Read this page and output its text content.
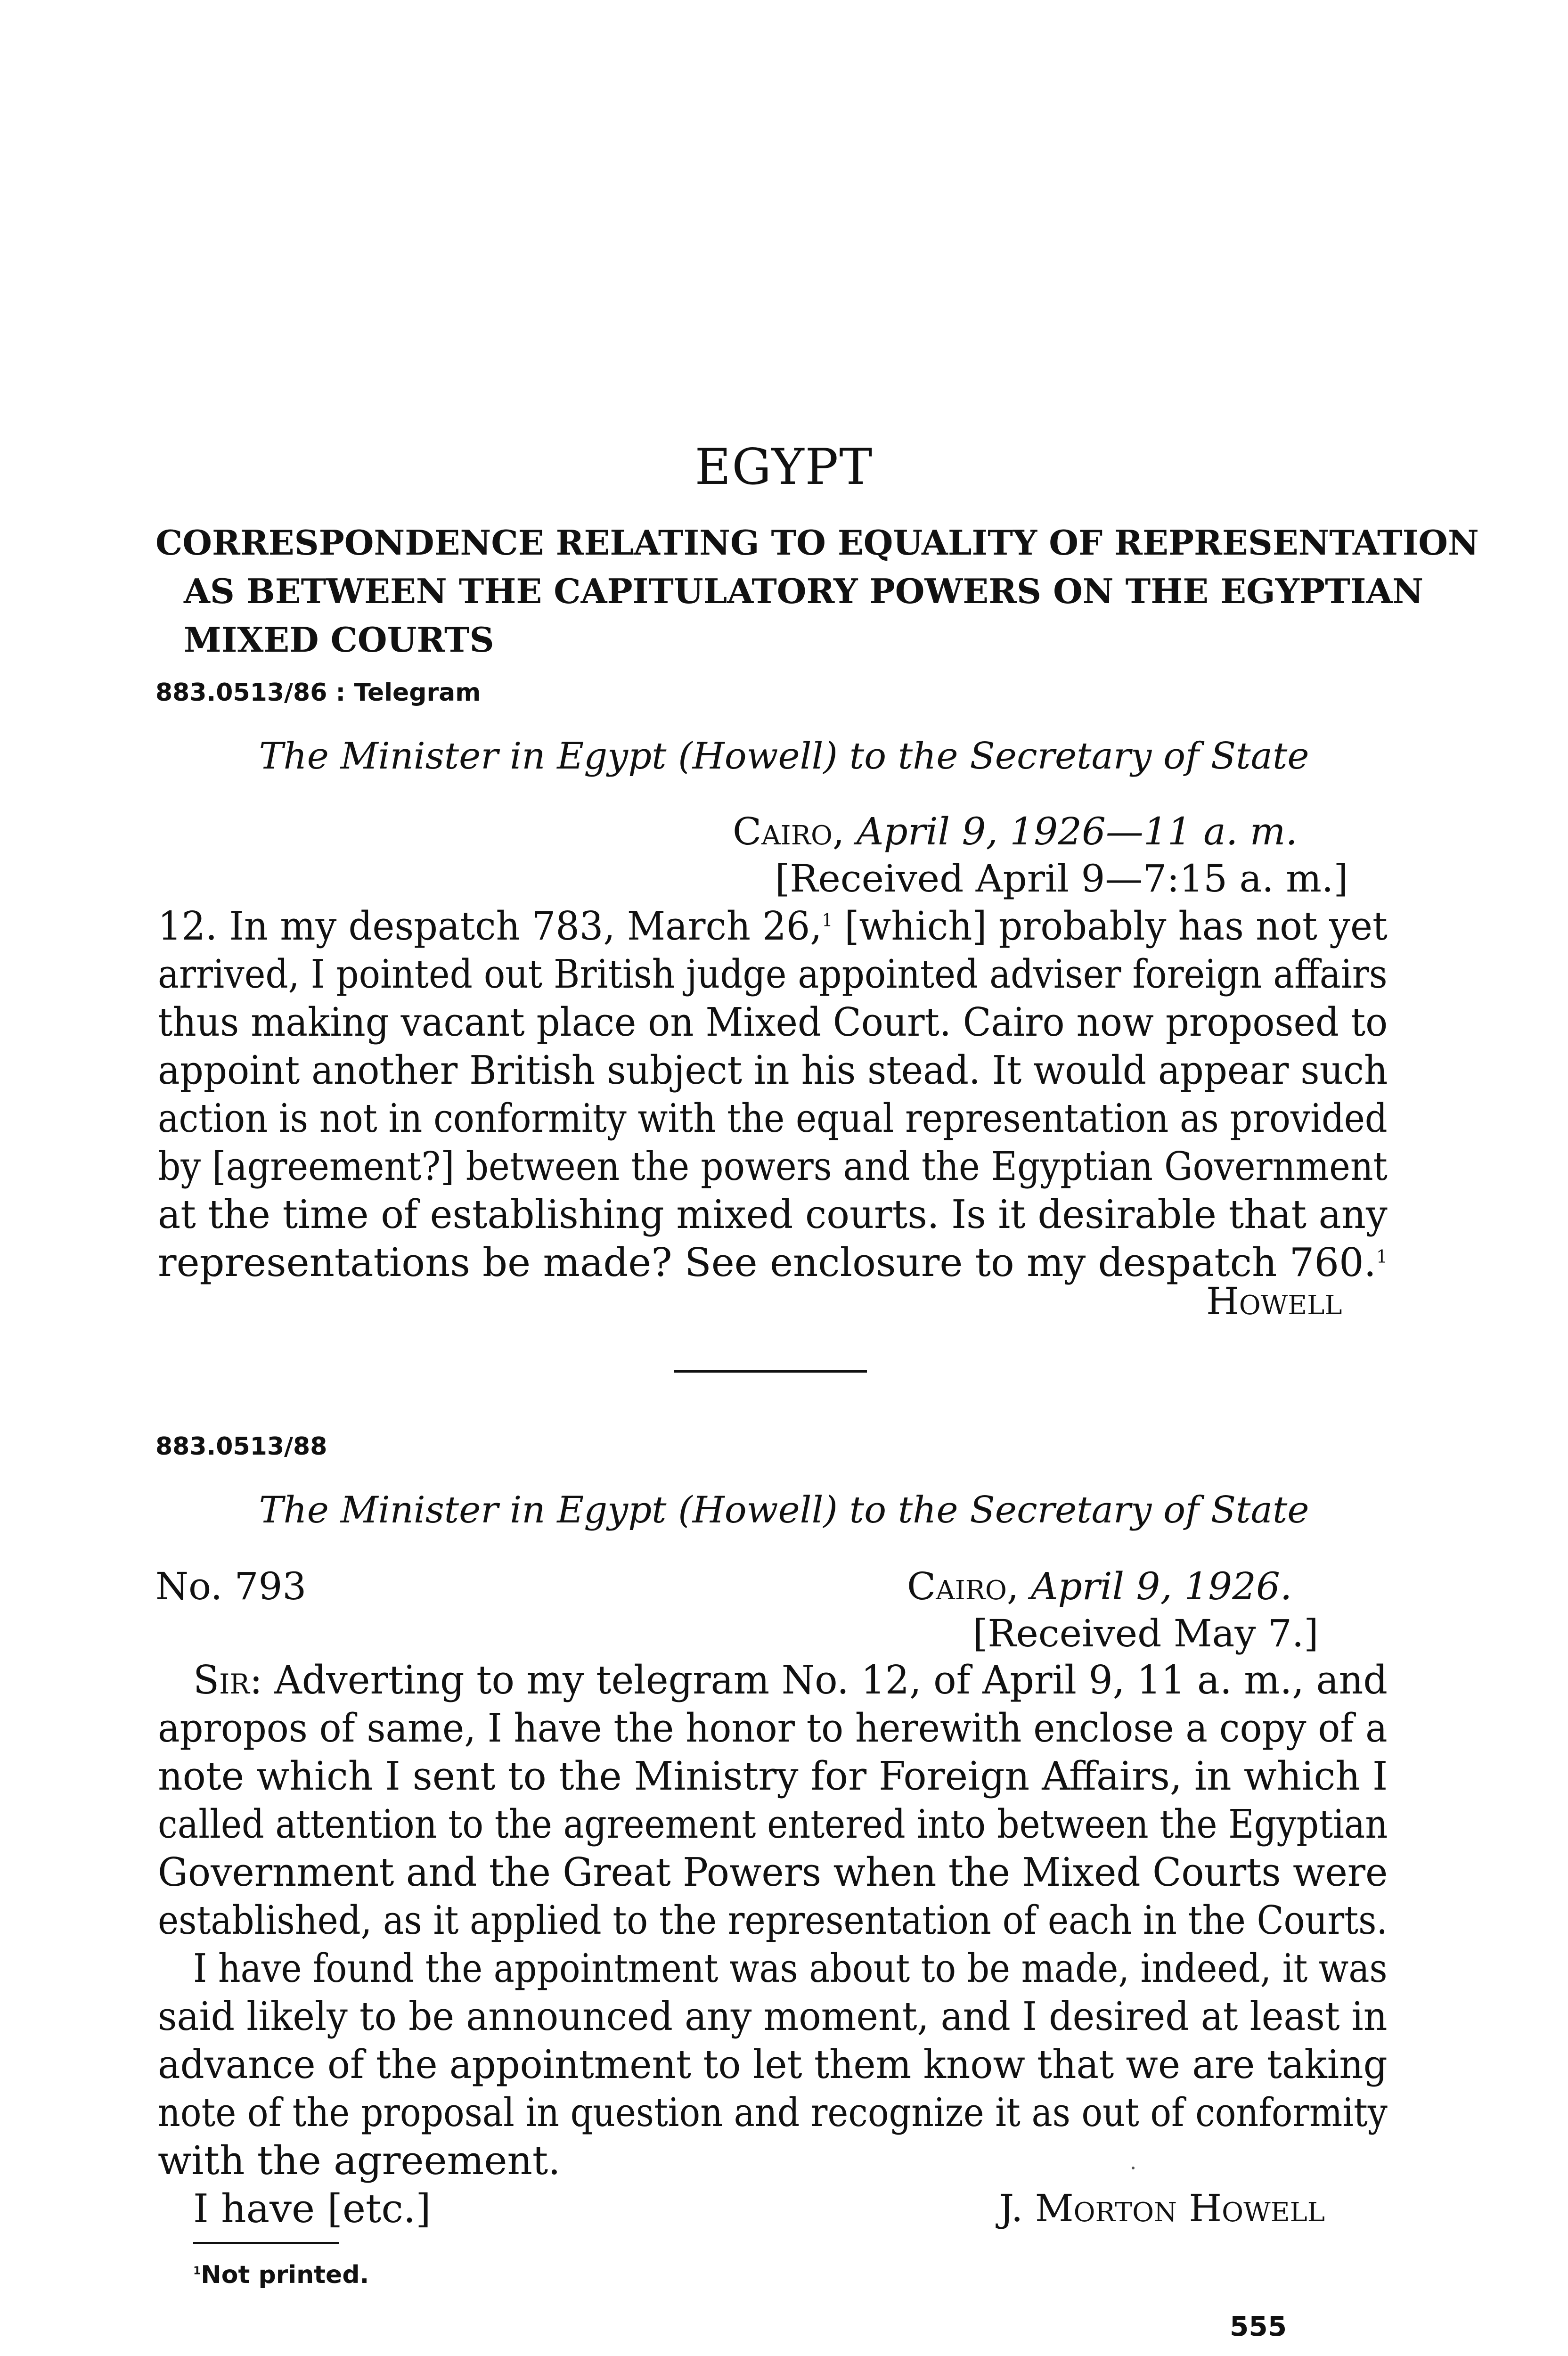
EGYPT
CORRESPONDENCE RELATING TO EQUALITY OF REPRESENTATION
AS BETWEEN THE CAPITULATORY POWERS ON THE EGYPTIAN
MIXED COURTS
883.0513/86 : Telegram
The Minister in Egypt (Howell) to the Secretary of State
Cairo, April 9, 1926—11 a. m.
[Received April 9—7:15 a. m.]
12. In my despatch 783, March 26,$^1$ [which] probably has not yet
arrived, I pointed out British judge appointed adviser foreign affairs
thus making vacant place on Mixed Court. Cairo now proposed to
appoint another British subject in his stead. It would appear such
action is not in conformity with the equal representation as provided
by [agreement?] between the powers and the Egyptian Government
at the time of establishing mixed courts. Is it desirable that any
representations be made? See enclosure to my despatch 760.$^1$
Howell
883.0513/88
The Minister in Egypt (Howell) to the Secretary of State
No. 793	Cairo, April 9, 1926.
[Received May 7.]
Sir: Adverting to my telegram No. 12, of April 9, 11 a. m., and
apropos of same, I have the honor to herewith enclose a copy of a
note which I sent to the Ministry for Foreign Affairs, in which I
called attention to the agreement entered into between the Egyptian
Government and the Great Powers when the Mixed Courts were
established, as it applied to the representation of each in the Courts.
I have found the appointment was about to be made, indeed, it was
said likely to be announced any moment, and I desired at least in
advance of the appointment to let them know that we are taking
note of the proposal in question and recognize it as out of conformity
with the agreement.
I have [etc.]	J. Morton Howell
$^1$Not printed.
555
